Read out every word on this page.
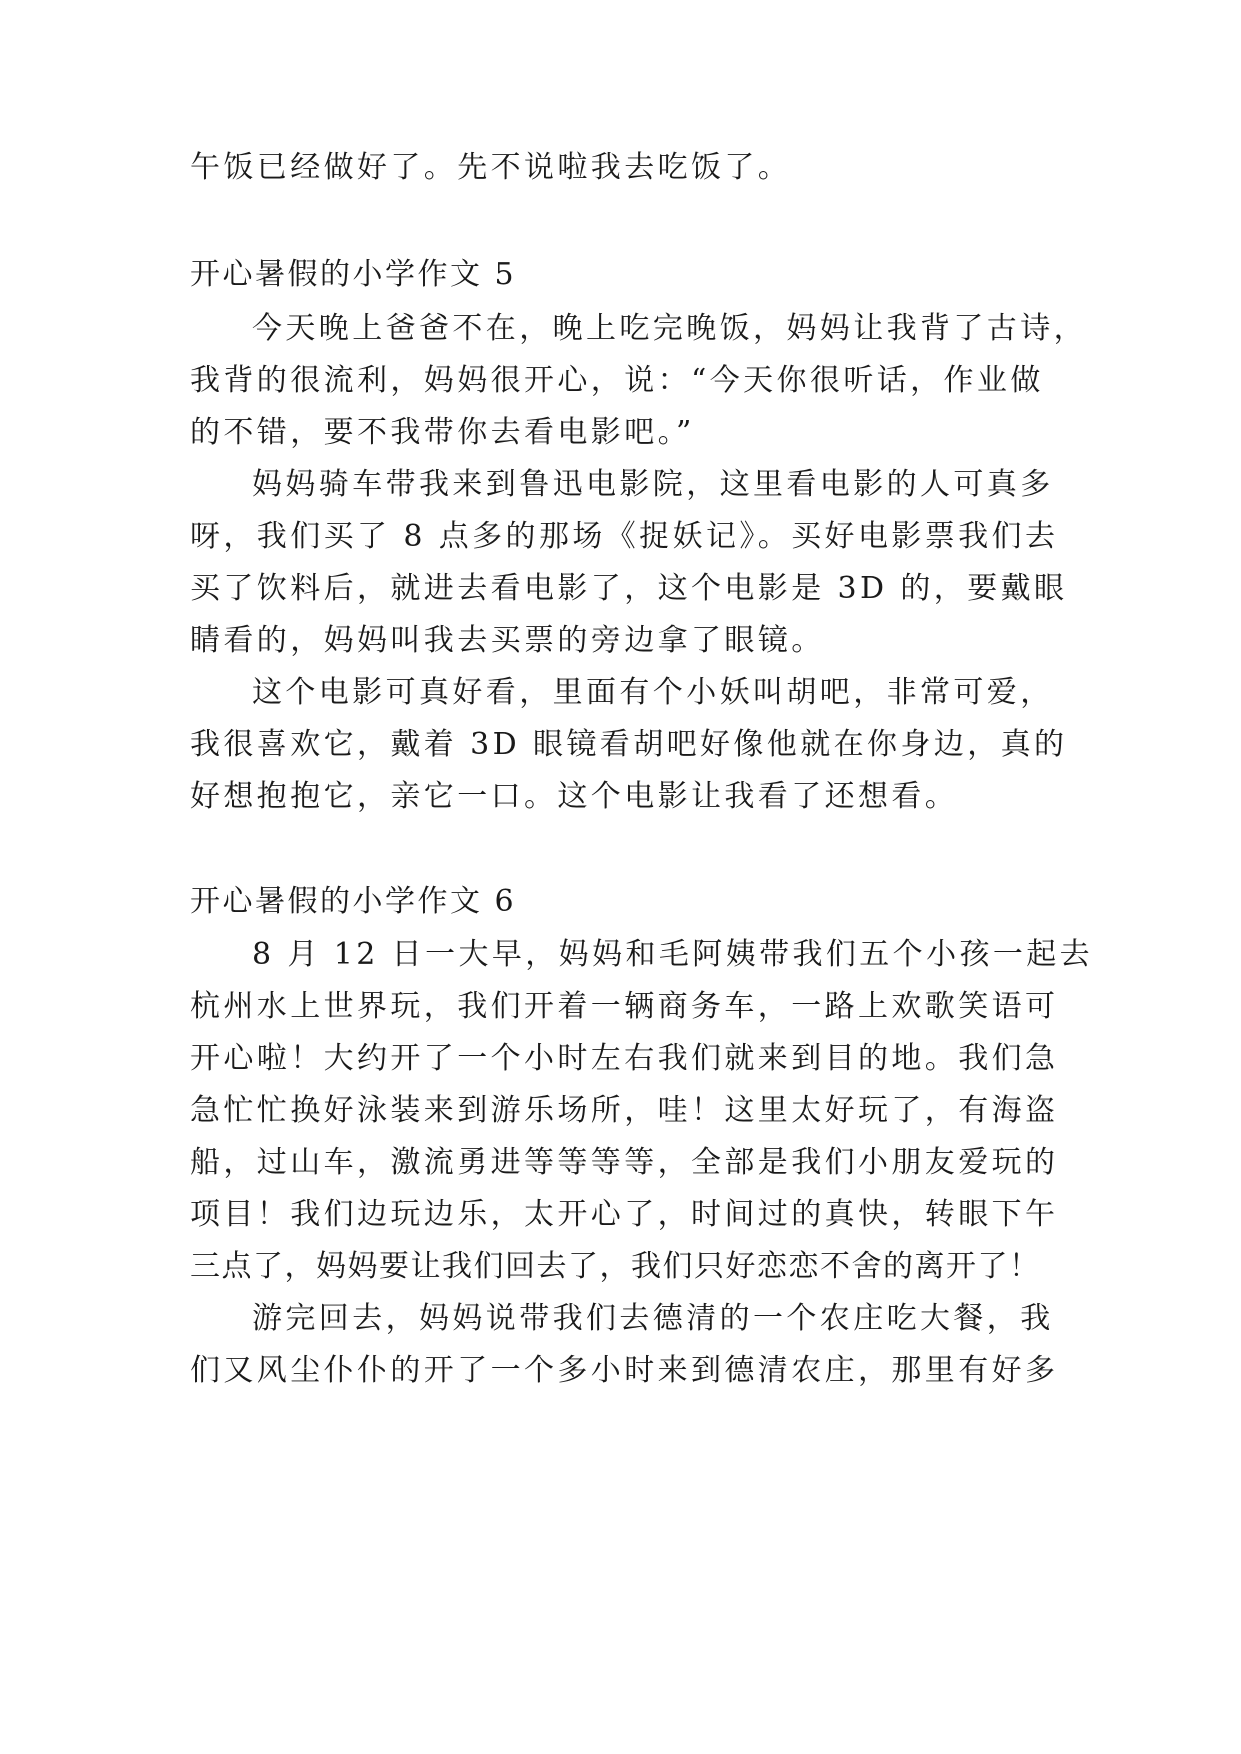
午饭已经做好了。先不说啦我去吃饭了。
开心暑假的小学作文 5
今天晚上爸爸不在，晚上吃完晚饭，妈妈让我背了古诗，
我背的很流利，妈妈很开心，说：“今天你很听话，作业做
的不错，要不我带你去看电影吧。”
妈妈骑车带我来到鲁迅电影院，这里看电影的人可真多
呀，我们买了 8 点多的那场《捉妖记》。买好电影票我们去
买了饮料后，就进去看电影了，这个电影是 3D 的，要戴眼
睛看的，妈妈叫我去买票的旁边拿了眼镜。
这个电影可真好看，里面有个小妖叫胡吧，非常可爱，
我很喜欢它，戴着 3D 眼镜看胡吧好像他就在你身边，真的
好想抱抱它，亲它一口。这个电影让我看了还想看。
开心暑假的小学作文 6
8 月 12 日一大早，妈妈和毛阿姨带我们五个小孩一起去
杭州水上世界玩，我们开着一辆商务车，一路上欢歌笑语可
开心啦！大约开了一个小时左右我们就来到目的地。我们急
急忙忙换好泳装来到游乐场所，哇！这里太好玩了，有海盗
船，过山车，激流勇进等等等等，全部是我们小朋友爱玩的
项目！我们边玩边乐，太开心了，时间过的真快，转眼下午
三点了，妈妈要让我们回去了，我们只好恋恋不舍的离开了！
游完回去，妈妈说带我们去德清的一个农庄吃大餐，我
们又风尘仆仆的开了一个多小时来到德清农庄，那里有好多
